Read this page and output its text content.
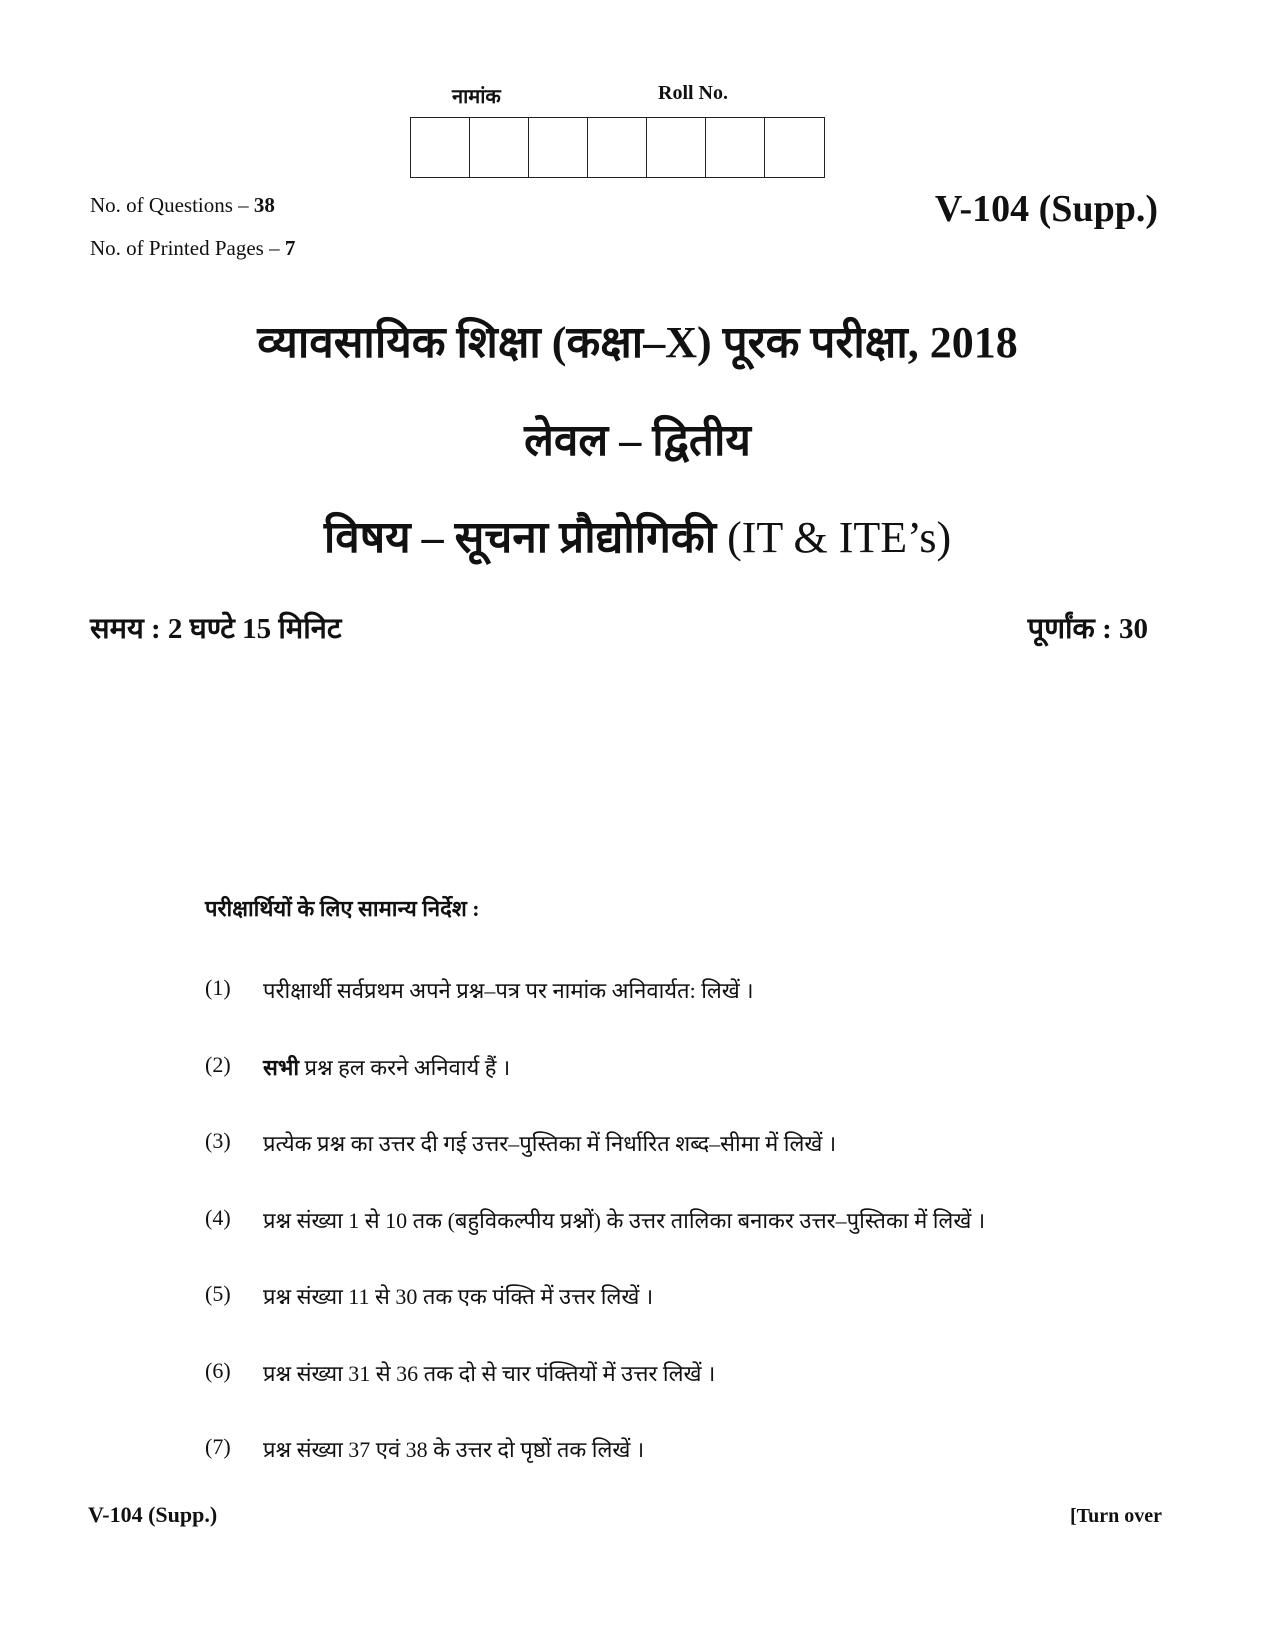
नामांक	Roll No.
No. of Questions – 38
No. of Printed Pages – 7
V-104 (Supp.)
व्यावसायिक शिक्षा (कक्षा–X) पूरक परीक्षा, 2018
लेवल – द्वितीय
विषय – सूचना प्रौद्योगिकी (IT & ITE’s)
समय : 2 घण्टे 15 मिनिट	पूर्णांक : 30
परीक्षार्थियों के लिए सामान्य निर्देश :
(1)	परीक्षार्थी सर्वप्रथम अपने प्रश्न–पत्र पर नामांक अनिवार्यत: लिखें ।
(2)	सभी प्रश्न हल करने अनिवार्य हैं ।
(3)	प्रत्येक प्रश्न का उत्तर दी गई उत्तर–पुस्तिका में निर्धारित शब्द–सीमा में लिखें ।
(4)	प्रश्न संख्या 1 से 10 तक (बहुविकल्पीय प्रश्नों) के उत्तर तालिका बनाकर उत्तर–पुस्तिका में लिखें ।
(5)	प्रश्न संख्या 11 से 30 तक एक पंक्ति में उत्तर लिखें ।
(6)	प्रश्न संख्या 31 से 36 तक दो से चार पंक्तियों में उत्तर लिखें ।
(7)	प्रश्न संख्या 37 एवं 38 के उत्तर दो पृष्ठों तक लिखें ।
V-104 (Supp.)	[Turn over
